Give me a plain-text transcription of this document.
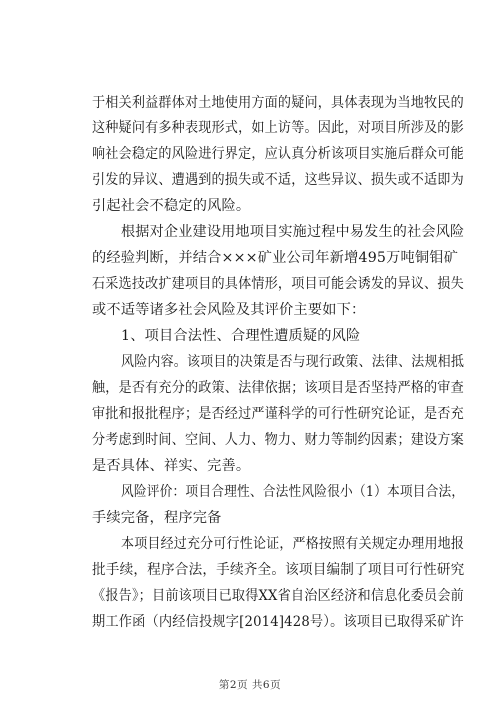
于相关利益群体对土地使用方面的疑问，具体表现为当地牧民的
这种疑问有多种表现形式，如上访等。因此，对项目所涉及的影
响社会稳定的风险进行界定，应认真分析该项目实施后群众可能
引发的异议、遭遇到的损失或不适，这些异议、损失或不适即为
引起社会不稳定的风险。
根据对企业建设用地项目实施过程中易发生的社会风险
的经验判断，并结合×××矿业公司年新增495万吨铜钼矿
石采选技改扩建项目的具体情形，项目可能会诱发的异议、损失
或不适等诸多社会风险及其评价主要如下：
1、项目合法性、合理性遭质疑的风险
风险内容。该项目的决策是否与现行政策、法律、法规相抵
触，是否有充分的政策、法律依据；该项目是否坚持严格的审查
审批和报批程序；是否经过严谨科学的可行性研究论证，是否充
分考虑到时间、空间、人力、物力、财力等制约因素；建设方案
是否具体、祥实、完善。
风险评价：项目合理性、合法性风险很小（1）本项目合法，
手续完备，程序完备
本项目经过充分可行性论证，严格按照有关规定办理用地报
批手续，程序合法，手续齐全。该项目编制了项目可行性研究
《报告》；目前该项目已取得XX省自治区经济和信息化委员会前
期工作函（内经信投规字[2014]428号）。该项目已取得采矿许
第2页 共6页
